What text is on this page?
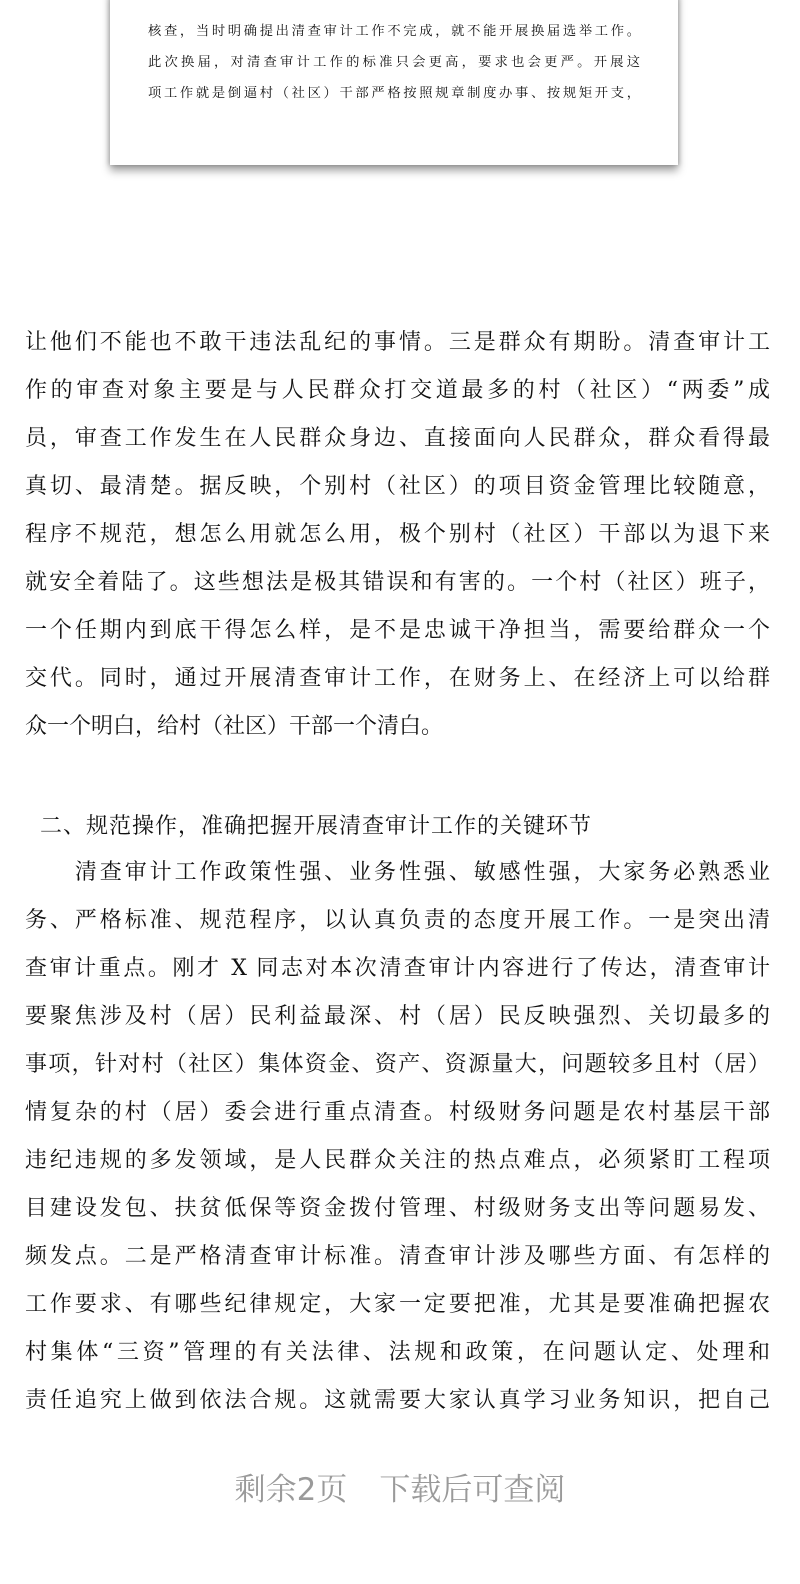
核查，当时明确提出清查审计工作不完成，就不能开展换届选举工作。
此次换届，对清查审计工作的标准只会更高，要求也会更严。开展这
项工作就是倒逼村（社区）干部严格按照规章制度办事、按规矩开支，
让他们不能也不敢干违法乱纪的事情。三是群众有期盼。清查审计工
作的审查对象主要是与人民群众打交道最多的村（社区）“两委”成
员，审查工作发生在人民群众身边、直接面向人民群众，群众看得最
真切、最清楚。据反映，个别村（社区）的项目资金管理比较随意，
程序不规范，想怎么用就怎么用，极个别村（社区）干部以为退下来
就安全着陆了。这些想法是极其错误和有害的。一个村（社区）班子，
一个任期内到底干得怎么样，是不是忠诚干净担当，需要给群众一个
交代。同时，通过开展清查审计工作，在财务上、在经济上可以给群
众一个明白，给村（社区）干部一个清白。
二、规范操作，准确把握开展清查审计工作的关键环节
　　清查审计工作政策性强、业务性强、敏感性强，大家务必熟悉业
务、严格标准、规范程序，以认真负责的态度开展工作。一是突出清
查审计重点。刚才 X 同志对本次清查审计内容进行了传达，清查审计
要聚焦涉及村（居）民利益最深、村（居）民反映强烈、关切最多的
事项，针对村（社区）集体资金、资产、资源量大，问题较多且村（居）
情复杂的村（居）委会进行重点清查。村级财务问题是农村基层干部
违纪违规的多发领域，是人民群众关注的热点难点，必须紧盯工程项
目建设发包、扶贫低保等资金拨付管理、村级财务支出等问题易发、
频发点。二是严格清查审计标准。清查审计涉及哪些方面、有怎样的
工作要求、有哪些纪律规定，大家一定要把准，尤其是要准确把握农
村集体“三资”管理的有关法律、法规和政策，在问题认定、处理和
责任追究上做到依法合规。这就需要大家认真学习业务知识，把自己
剩余2页 下载后可查阅
